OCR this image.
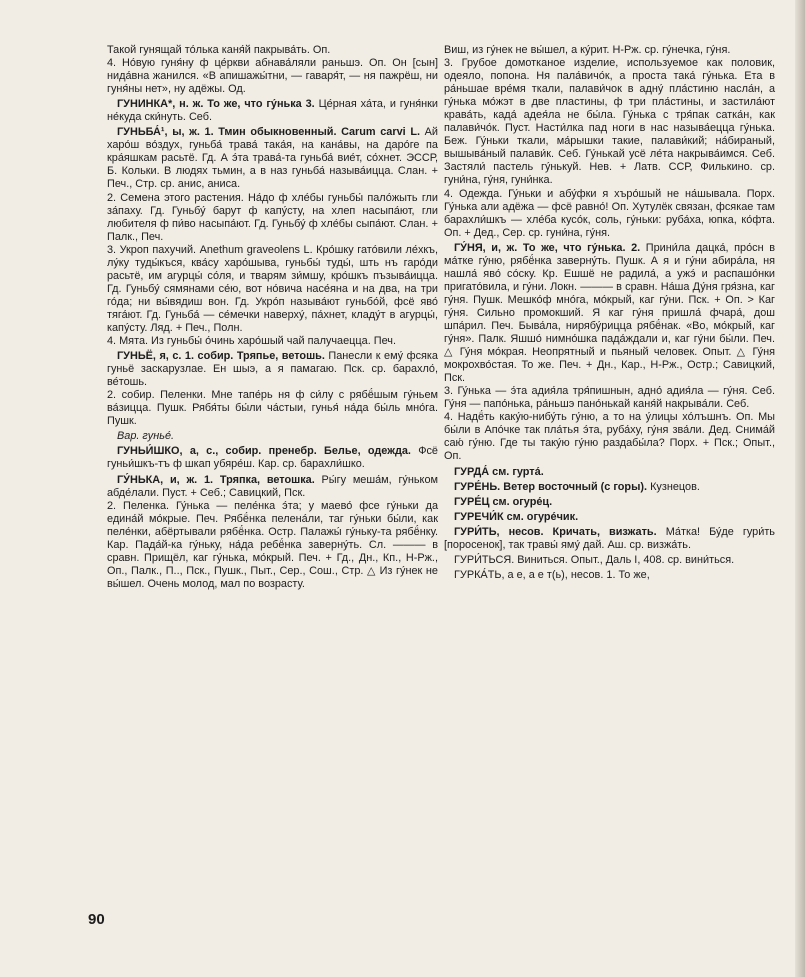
Такой гунящай то́лька каня́й пакрыва́ть. Оп.

4. Но́вую гуня́ну ф це́ркви абнава́ляли раньшэ. Оп. Он [сын] нида́вна жанился. «В апишажы́тни, — гаваря́т, — ня пажрёш, ни гуня́ны нет», ну адёжы. Од.

ГУНИНКА*, н. ж. То же, что гу́нька 3. Це́рная ха́та, и гуня́нки не́куда ски́нуть. Себ.

ГУНЬБА́¹, ы, ж. 1. Тмин обыкновенный. Carum carvi L. Ай харо́ш во́здух, гуньба́ трава́ така́я, на кана́вы, на даро́ге па кра́яшкам расьтё. Гд. А э́та трава́-та гуньба́ вие́т, со́хнет. ЭССР, Б. Кольки. В людях тьмин, а в наз гуньба́ называ́ицца. Слан. + Печ., Стр. ср. анис, аниса.

2. Семена этого растения. На́до ф хле́бы гуньбы́ пало́жыть гли за́паху. Гд. Гуньбу́ барут ф капу́сту, на хлеп насыпа́ют, гли любителя ф пи́во насыпа́ют. Гд. Гуньбу́ ф хле́бы сыпа́ют. Слан. + Палк., Печ.

3. Укроп пахучий. Anethum graveolens L. Кро́шку гато́вили ле́хкъ, лу́ку туды́къся, ква́су харо́шыва, гуньбы́ туды́, шть нъ гаро́ди расьтё, им агурцы́ со́ля, и тварям зи́мшу, кро́шкъ пъзыва́ицца. Гд. Гуньбу́ сямянами се́ю, вот но́вича насе́яна и на два, на три го́да; ни вы́вядиш вон. Гд. Укро́п называ́ют гуньбо́й, фсё яво́ тяга́ют. Гд. Гуньба́ — се́мечки наверху́, па́хнет, кладу́т в агурцы́, капу́сту. Ляд. + Печ., Полн.

4. Мята. Из гуньбы́ о́чинь харо́шый чай палучаецца. Печ.

ГУНЬЁ, я, с. 1. собир. Тряпье, ветошь. Панесли к ему́ фсяка гуньё заскарузлае. Ен шыэ, а я памагаю. Пск. ср. барахло́, ве́тошь.

2. собир. Пеленки. Мне тапе́рь ня ф си́лу с рябё́шым гу́ньем ва́зицца. Пушк. Рябя́ты бы́ли ча́стыи, гунья́ на́да бы́ль мно́га. Пушк.

Вар. гунье́.

ГУНЬИ́ШКО, а, с., собир. пренебр. Белье, одежда. Фсё гуньи́шкъ-тъ ф шкап убяре́ш. Кар. ср. барахли́шко.

ГУ́НЬКА, и, ж. 1. Тряпка, ветошка. Ры́гу меша́м, гу́ньком абде́лали. Пуст. + Себ.; Савицкий, Пск.

2. Пеленка. Гу́нька — пеле́нка э́та; у маево́ фсе гу́ньки да едина́й мо́крые. Печ. Рябё́нка пелена́ли, таг гу́ньки бы́ли, как пеле́нки, абёртывали рябё́нка. Остр. Палажы́ гу́ньку-та рябё́нку. Кар. Пада́й-ка гу́ньку, на́да ребё́нка заверну́ть. Сл. ——— в сравн. Прищёл, каг гу́нька, мо́крый. Печ. + Гд., Дн., Кп., Н-Рж., Оп., Палк., П.., Пск., Пушк., Пыт., Сер., Сош., Стр. △ Из гу́нек не вы́шел. Очень молод, мал по возрасту.

Виш, из гу́нек не вы́шел, а ку́рит. Н-Рж. ср. гу́нечка, гу́ня.

3. Грубое домотканое изделие, используемое как половик, одеяло, попона. Ня пала́вичо́к, а проста така́ гу́нька. Ета в ра́ньшае вре́мя ткали, палави́чок в адну́ пла́стиню насла́н, а гу́нька мо́жэт в две пластины, ф три пла́стины, и застила́ют крава́ть, када́ адея́ла не бы́ла. Гу́нька с тря́пак сатка́н, как палави́чо́к. Пуст. Насти́лка пад ноги в нас называ́ецца гу́нька. Беж. Гу́ньки ткали, ма́рышки такие, палави́кий; на́бираный, вышыва́ный палави́к. Себ. Гу́нькай усё ле́та накрыва́имся. Себ. Застяли́ пастель гу́нькуй. Нев. + Латв. ССР, Филькино. ср. гуни́на, гу́ня, гуни́нка.

4. Одежда. Гу́ньки и абу́фки я хъро́шый не на́шывала. Порх. Гу́нька али адёжа — фсё равно́! Оп. Хутулёк связан, фсякае там барахли́шкъ — хле́ба кусо́к, соль, гу́ньки: руба́ха, юпка, ко́фта. Оп. + Дед., Сер. ср. гуни́на, гу́ня.

ГУ́НЯ, и, ж. То же, что гу́нька. 2. Прини́ла дацка́, про́сн в ма́тке гу́ню, рябё́нка заверну́ть. Пушк. А я и гу́ни абира́ла, ня нашла́ яво́ со́ску. Кр. Ешшё не радила́, а ужэ́ и распашо́нки пригато́вила, и гу́ни. Локн. ——— в сравн. На́ша Ду́ня гря́зна, каг гу́ня. Пушк. Мешко́ф мно́га, мо́крый, каг гу́ни. Пск. + Оп. > Каг гу́ня. Сильно промокший. Я каг гу́ня пришла́ фчара́, дош шпа́рил. Печ. Быва́ла, нирябу́рицца рябё́нак. «Во, мо́крый, каг гу́ня». Палк. Яшшо́ нимно́шка пада́ждали и, каг гу́ни бы́ли. Печ. △ Гу́ня мо́края. Неопрятный и пьяный человек. Опыт. △ Гу́ня мокрохво́стая. То же. Печ. + Дн., Кар., Н-Рж., Остр.; Савицкий, Пск.

3. Гу́нька — э́та адия́ла тря́пишнын, адно́ адия́ла — гу́ня. Себ. Гу́ня — папо́нька, ра́ньшэ пано́нькай каня́й накрыва́ли. Себ.

4. Надё́ть каку́ю-нибу́ть гу́ню, а то на у́лицы хо́лъшнъ. Оп. Мы бы́ли в Апо́чке так пла́тья э́та, руба́ху, гу́ня зва́ли. Дед. Снима́й саю́ гу́ню. Где ты таку́ю гу́ню раздабы́ла? Порх. + Пск.; Опыт., Оп.

ГУРДА́ см. гурта́.

ГУРЕ́НЬ. Ветер восточный (с горы). Кузнецов.

ГУРЕ́Ц см. огуре́ц.

ГУРЕЧИ́К см. огуре́чик.

ГУРИ́ТЬ, несов. Кричать, визжать. Ма́тка! Бу́де гури́ть [поросенок], так травы́ яму́ дай. Аш. ср. визжа́ть.

ГУРИ́ТЬСЯ. Виниться. Опыт., Даль I, 408. ср. вини́ться.

ГУРКА́ТЬ, а е, а е т(ь), несов. 1. То же,

90
